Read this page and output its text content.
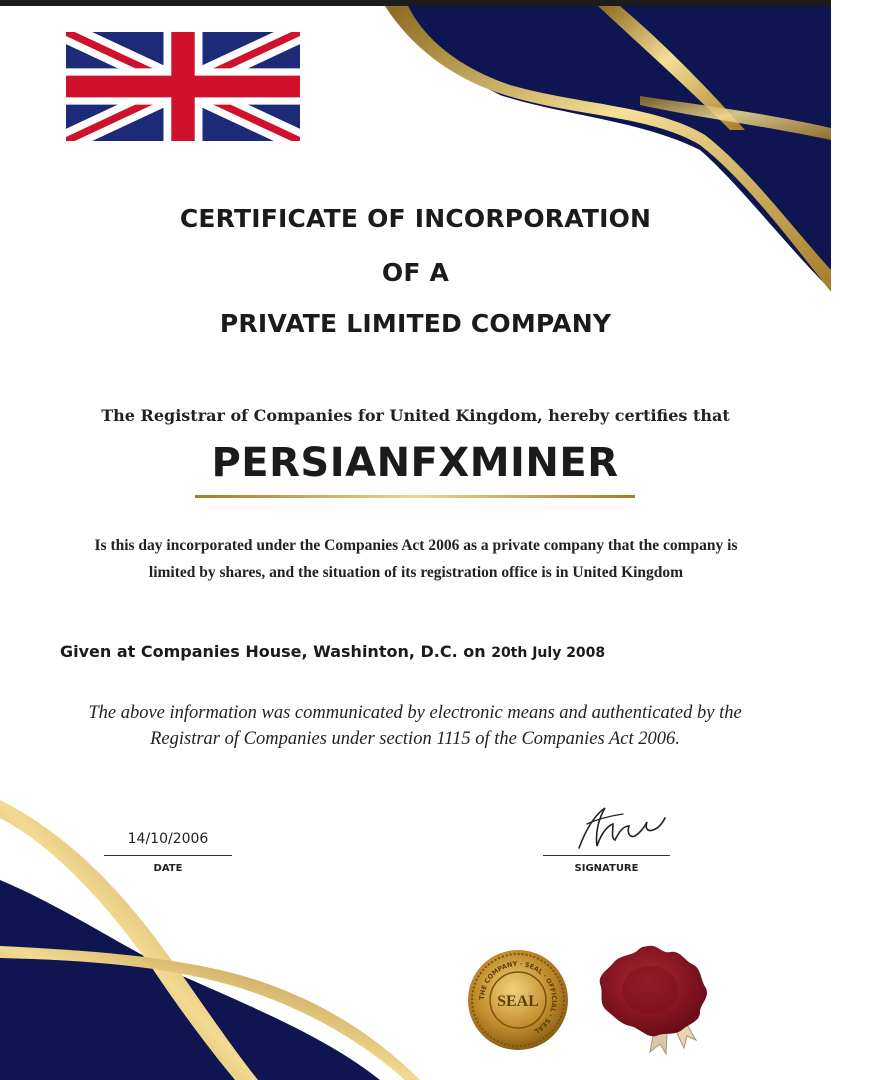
CERTIFICATE OF INCORPORATION
OF A
PRIVATE LIMITED COMPANY
The Registrar of Companies for United Kingdom, hereby certifies that
PERSIANFXMINER
Is this day incorporated under the Companies Act 2006 as a private company that the company is limited by shares, and the situation of its registration office is in United Kingdom
Given at Companies House, Washinton, D.C. on 20th July 2008
The above information was communicated by electronic means and authenticated by the Registrar of Companies under section 1115 of the Companies Act 2006.
14/10/2006
DATE	SIGNATURE
THE COMPANY · SEAL · OFFICIAL · SEAL
SEAL
